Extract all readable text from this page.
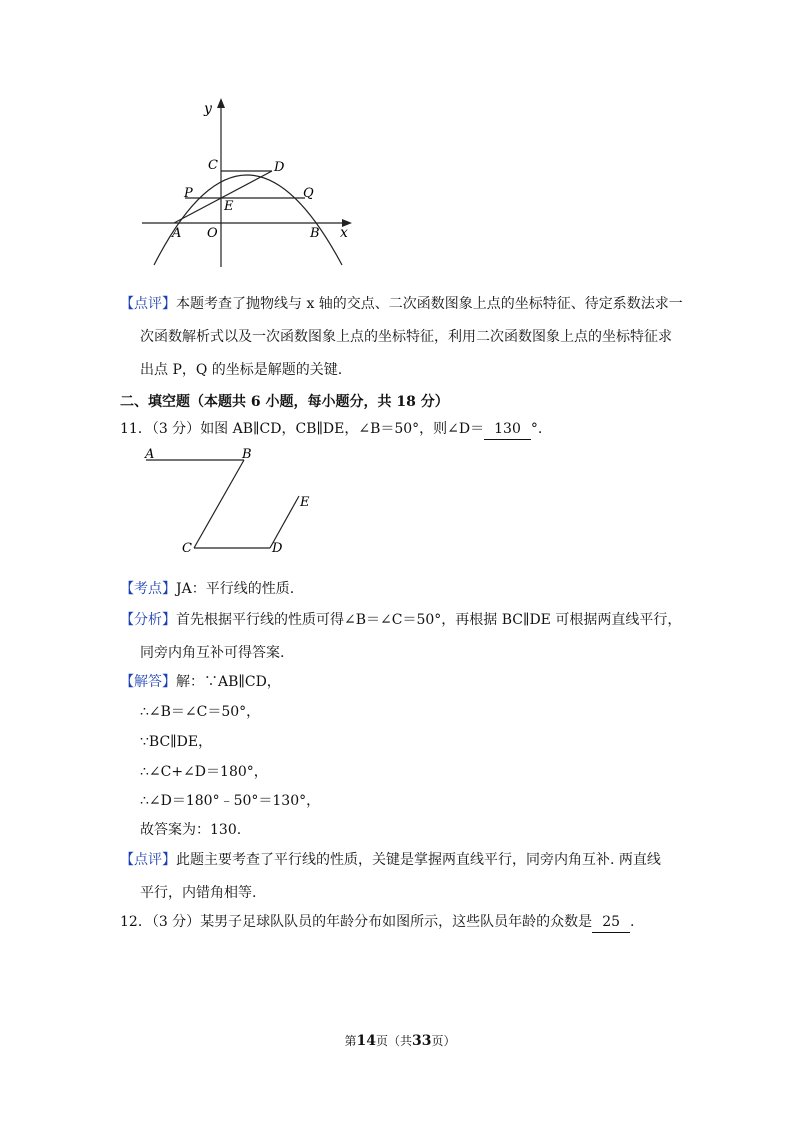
y
x
C	D
P	Q
E
A O	B
【点评】本题考查了抛物线与 x 轴的交点、二次函数图象上点的坐标特征、待定系数法求一
次函数解析式以及一次函数图象上点的坐标特征，利用二次函数图象上点的坐标特征求
出点 P，Q 的坐标是解题的关键.
二、填空题（本题共 6 小题，每小题分，共 18 分）
11．（3 分）如图 AB∥CD，CB∥DE，∠B＝50°，则∠D＝ 130 °.
A	B
C	D
E
【考点】JA：平行线的性质.
【分析】首先根据平行线的性质可得∠B＝∠C＝50°，再根据 BC∥DE 可根据两直线平行，
同旁内角互补可得答案.
【解答】解：∵AB∥CD，
∴∠B＝∠C＝50°，
∵BC∥DE，
∴∠C+∠D＝180°，
∴∠D＝180°﹣50°＝130°，
故答案为：130.
【点评】此题主要考查了平行线的性质，关键是掌握两直线平行，同旁内角互补. 两直线
平行，内错角相等.
12．（3 分）某男子足球队队员的年龄分布如图所示，这些队员年龄的众数是 25 .
第14页（共33页）
